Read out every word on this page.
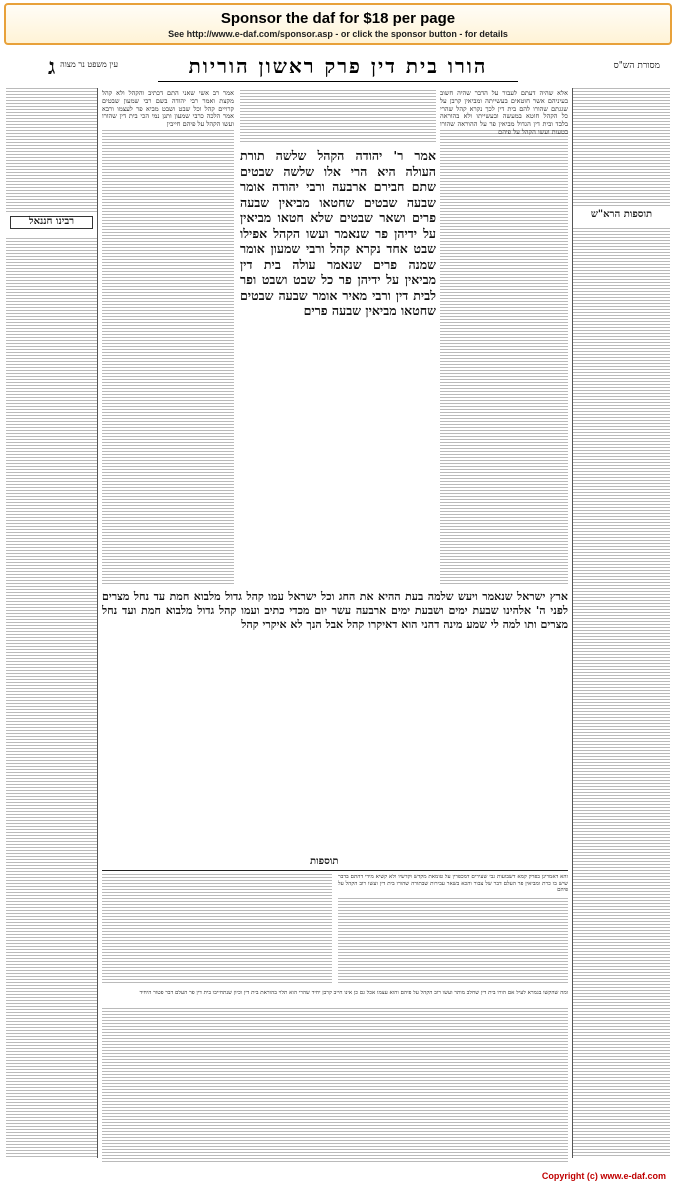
Sponsor the daf for $18 per page
See http://www.e-daf.com/sponsor.asp - or click the sponsor button - for details
מסורת הש"ס
הורו בית דין פרק ראשון הוריות
ג עין משפט נר מצוה
תוספות הרא"ש
רבינו חננאל

אלא שהיה דעתם לעבור על הדבר שהיה חשוב בעיניהם אשר חוטאים בעשייתה ומביאין קרבן על שגגתם שהורו להם בית דין לכך נקרא קהל שהרי כל הקהל חוטא במעשה ובעשייתו ולא בהוראה בלבד ובית דין הגדול מביאין פר על ההוראה שהורו בטעות ועשו הקהל על פיהם

אמר רב אשי שאני התם דכתיב והקהל ולא קהל מקצת ואמר רבי יהודה בשם רבי שמעון שבטים קרויים קהל וכל שבט ושבט מביא פר לעצמו ורבא אמר הלכה כרבי שמעון ותנן נמי הכי בית דין שהורו ועשו הקהל על פיהם חייבין

אמר ר' יהודה הקהל שלשה תורת העולה היא הרי אלו שלשה שבטים שתם חבירם ארבעה ורבי יהודה אומר שבעה שבטים שחטאו מביאין שבעה פרים ושאר שבטים שלא חטאו מביאין על ידיהן פר שנאמר ועשו הקהל אפילו שבט אחד נקרא קהל ורבי שמעון אומר שמנה פרים שנאמר עולה בית דין מביאין על ידיהן פר כל שבט ושבט ופר לבית דין ורבי מאיר אומר שבעה שבטים שחטאו מביאין שבעה פרים

ארץ ישראל שנאמר ויעש שלמה בעת ההיא את החג וכל ישראל עמו קהל גדול מלבוא חמת עד נחל מצרים לפני ה' אלהינו שבעת ימים ושבעת ימים ארבעה עשר יום מכדי כתיב ועמו קהל גדול מלבוא חמת ועד נחל מצרים ותו למה לי שמע מינה דהני הוא דאיקרו קהל אבל הנך לא איקרי קהל

תוספות

והא דאמרינן בפרק קמא דשבועות גבי שעירים דמכפרין על טומאת מקדש וקדשיו ולא קשיא מידי דהתם בדבר שיש בו כרת ומביאין פר העלם דבר של צבור והכא בשאר עבירות שבתורה שהורו בית דין ועשו רוב הקהל על פיהם

ומה שהקשו בגמרא לעיל אם הורו בית דין שחלב מותר ועשו רוב הקהל על פיהם והוא עצמו אכל גם כן אינו חייב קרבן יחיד שהרי הוא תלוי בהוראת בית דין וכיון שנתחייבו בית דין פר העלם דבר פטור היחיד

Copyright (c) www.e-daf.com
